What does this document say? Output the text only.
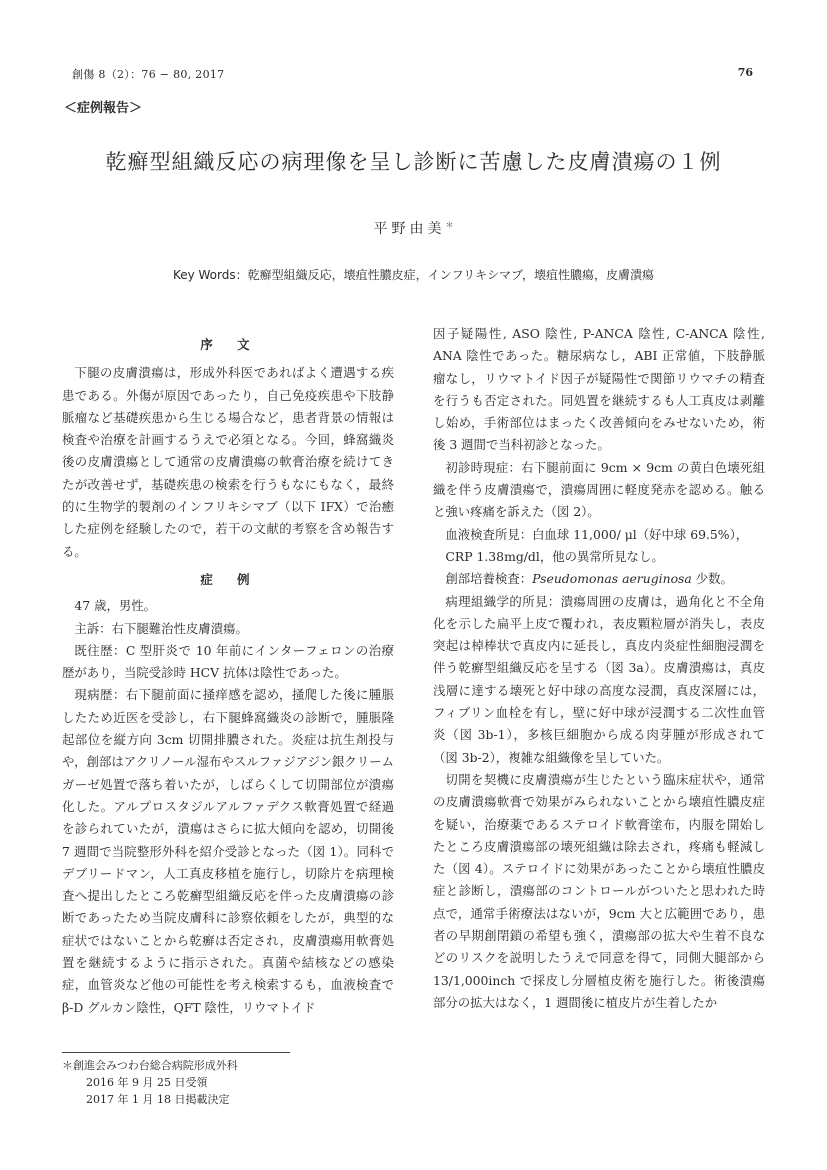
創傷 8（2）：76 − 80, 2017	76
＜症例報告＞
乾癬型組織反応の病理像を呈し診断に苦慮した皮膚潰瘍の１例
平野由美＊
Key Words：乾癬型組織反応，壊疽性膿皮症，インフリキシマブ，壊疽性膿瘍，皮膚潰瘍
序　文

下腿の皮膚潰瘍は，形成外科医であればよく遭遇する疾患である。外傷が原因であったり，自己免疫疾患や下肢静脈瘤など基礎疾患から生じる場合など，患者背景の情報は検査や治療を計画するうえで必須となる。今回，蜂窩織炎後の皮膚潰瘍として通常の皮膚潰瘍の軟膏治療を続けてきたが改善せず，基礎疾患の検索を行うもなにもなく，最終的に生物学的製剤のインフリキシマブ（以下 IFX）で治癒した症例を経験したので，若干の文献的考察を含め報告する。

症　例

47 歳，男性。

主訴：右下腿難治性皮膚潰瘍。

既往歴：C 型肝炎で 10 年前にインターフェロンの治療歴があり，当院受診時 HCV 抗体は陰性であった。

現病歴：右下腿前面に掻痒感を認め，掻爬した後に腫脹したため近医を受診し，右下腿蜂窩織炎の診断で，腫脹隆起部位を縦方向 3cm 切開排膿された。炎症は抗生剤投与や，創部はアクリノール湿布やスルファジアジン銀クリームガーゼ処置で落ち着いたが，しばらくして切開部位が潰瘍化した。アルプロスタジルアルファデクス軟膏処置で経過を診られていたが，潰瘍はさらに拡大傾向を認め，切開後 7 週間で当院整形外科を紹介受診となった（図 1）。同科でデブリードマン，人工真皮移植を施行し，切除片を病理検査へ提出したところ乾癬型組織反応を伴った皮膚潰瘍の診断であったため当院皮膚科に診察依頼をしたが，典型的な症状ではないことから乾癬は否定され，皮膚潰瘍用軟膏処置を継続するように指示された。真菌や結核などの感染症，血管炎など他の可能性を考え検索するも，血液検査で β-D グルカン陰性，QFT 陰性，リウマトイド

因子疑陽性, ASO 陰性, P-ANCA 陰性, C-ANCA 陰性, ANA 陰性であった。糖尿病なし，ABI 正常値，下肢静脈瘤なし，リウマトイド因子が疑陽性で関節リウマチの精査を行うも否定された。同処置を継続するも人工真皮は剥離し始め，手術部位はまったく改善傾向をみせないため，術後 3 週間で当科初診となった。

初診時現症：右下腿前面に 9cm × 9cm の黄白色壊死組織を伴う皮膚潰瘍で，潰瘍周囲に軽度発赤を認める。触ると強い疼痛を訴えた（図 2）。

血液検査所見：白血球 11,000/ μl（好中球 69.5%），

CRP 1.38mg/dl，他の異常所見なし。

創部培養検査：Pseudomonas aeruginosa 少数。

病理組織学的所見：潰瘍周囲の皮膚は，過角化と不全角化を示した扁平上皮で覆われ，表皮顆粒層が消失し，表皮突起は棹棒状で真皮内に延長し，真皮内炎症性細胞浸潤を伴う乾癬型組織反応を呈する（図 3a）。皮膚潰瘍は，真皮浅層に達する壊死と好中球の高度な浸潤，真皮深層には，フィブリン血栓を有し，壁に好中球が浸潤する二次性血管炎（図 3b-1），多核巨細胞から成る肉芽腫が形成されて（図 3b-2），複雑な組織像を呈していた。

切開を契機に皮膚潰瘍が生じたという臨床症状や，通常の皮膚潰瘍軟膏で効果がみられないことから壊疽性膿皮症を疑い，治療薬であるステロイド軟膏塗布，内服を開始したところ皮膚潰瘍部の壊死組織は除去され，疼痛も軽減した（図 4）。ステロイドに効果があったことから壊疽性膿皮症と診断し，潰瘍部のコントロールがついたと思われた時点で，通常手術療法はないが，9cm 大と広範囲であり，患者の早期創閉鎖の希望も強く，潰瘍部の拡大や生着不良などのリスクを説明したうえで同意を得て，同側大腿部から 13/1,000inch で採皮し分層植皮術を施行した。術後潰瘍部分の拡大はなく，1 週間後に植皮片が生着したか

＊創進会みつわ台総合病院形成外科
2016 年 9 月 25 日受領
2017 年 1 月 18 日掲載決定
